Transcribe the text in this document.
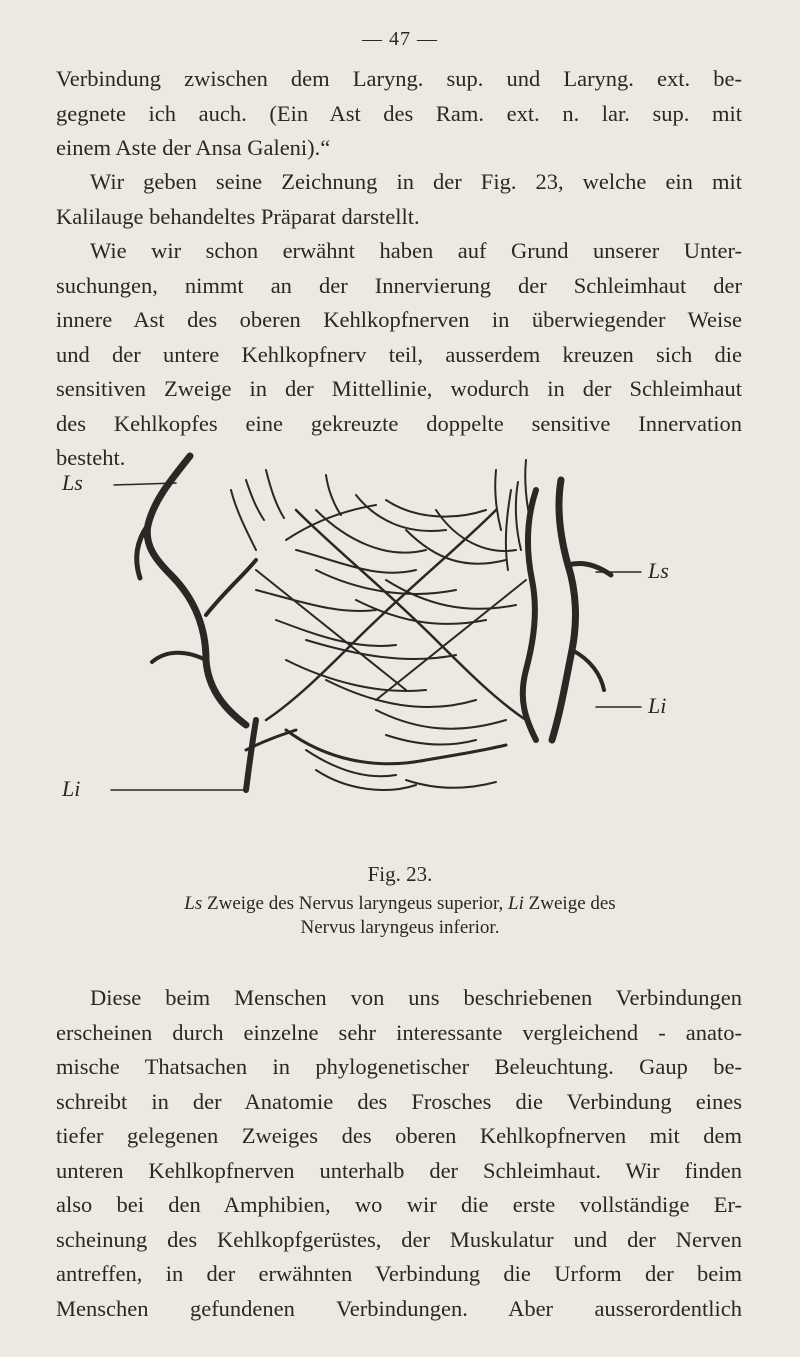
— 47 —
Verbindung zwischen dem Laryng. sup. und Laryng. ext. be-
gegnete ich auch. (Ein Ast des Ram. ext. n. lar. sup. mit
einem Aste der Ansa Galeni).“
Wir geben seine Zeichnung in der Fig. 23, welche ein mit
Kalilauge behandeltes Präparat darstellt.
Wie wir schon erwähnt haben auf Grund unserer Unter-
suchungen, nimmt an der Innervierung der Schleimhaut der
innere Ast des oberen Kehlkopfnerven in überwiegender Weise
und der untere Kehlkopfnerv teil, ausserdem kreuzen sich die
sensitiven Zweige in der Mittellinie, wodurch in der Schleimhaut
des Kehlkopfes eine gekreuzte doppelte sensitive Innervation
besteht.
Ls
Ls
Li
Li
Fig. 23.
Ls Zweige des Nervus laryngeus superior, Li Zweige des
Nervus laryngeus inferior.
Diese beim Menschen von uns beschriebenen Verbindungen
erscheinen durch einzelne sehr interessante vergleichend - anato-
mische Thatsachen in phylogenetischer Beleuchtung. Gaup be-
schreibt in der Anatomie des Frosches die Verbindung eines
tiefer gelegenen Zweiges des oberen Kehlkopfnerven mit dem
unteren Kehlkopfnerven unterhalb der Schleimhaut. Wir finden
also bei den Amphibien, wo wir die erste vollständige Er-
scheinung des Kehlkopfgerüstes, der Muskulatur und der Nerven
antreffen, in der erwähnten Verbindung die Urform der beim
Menschen gefundenen Verbindungen. Aber ausserordentlich
